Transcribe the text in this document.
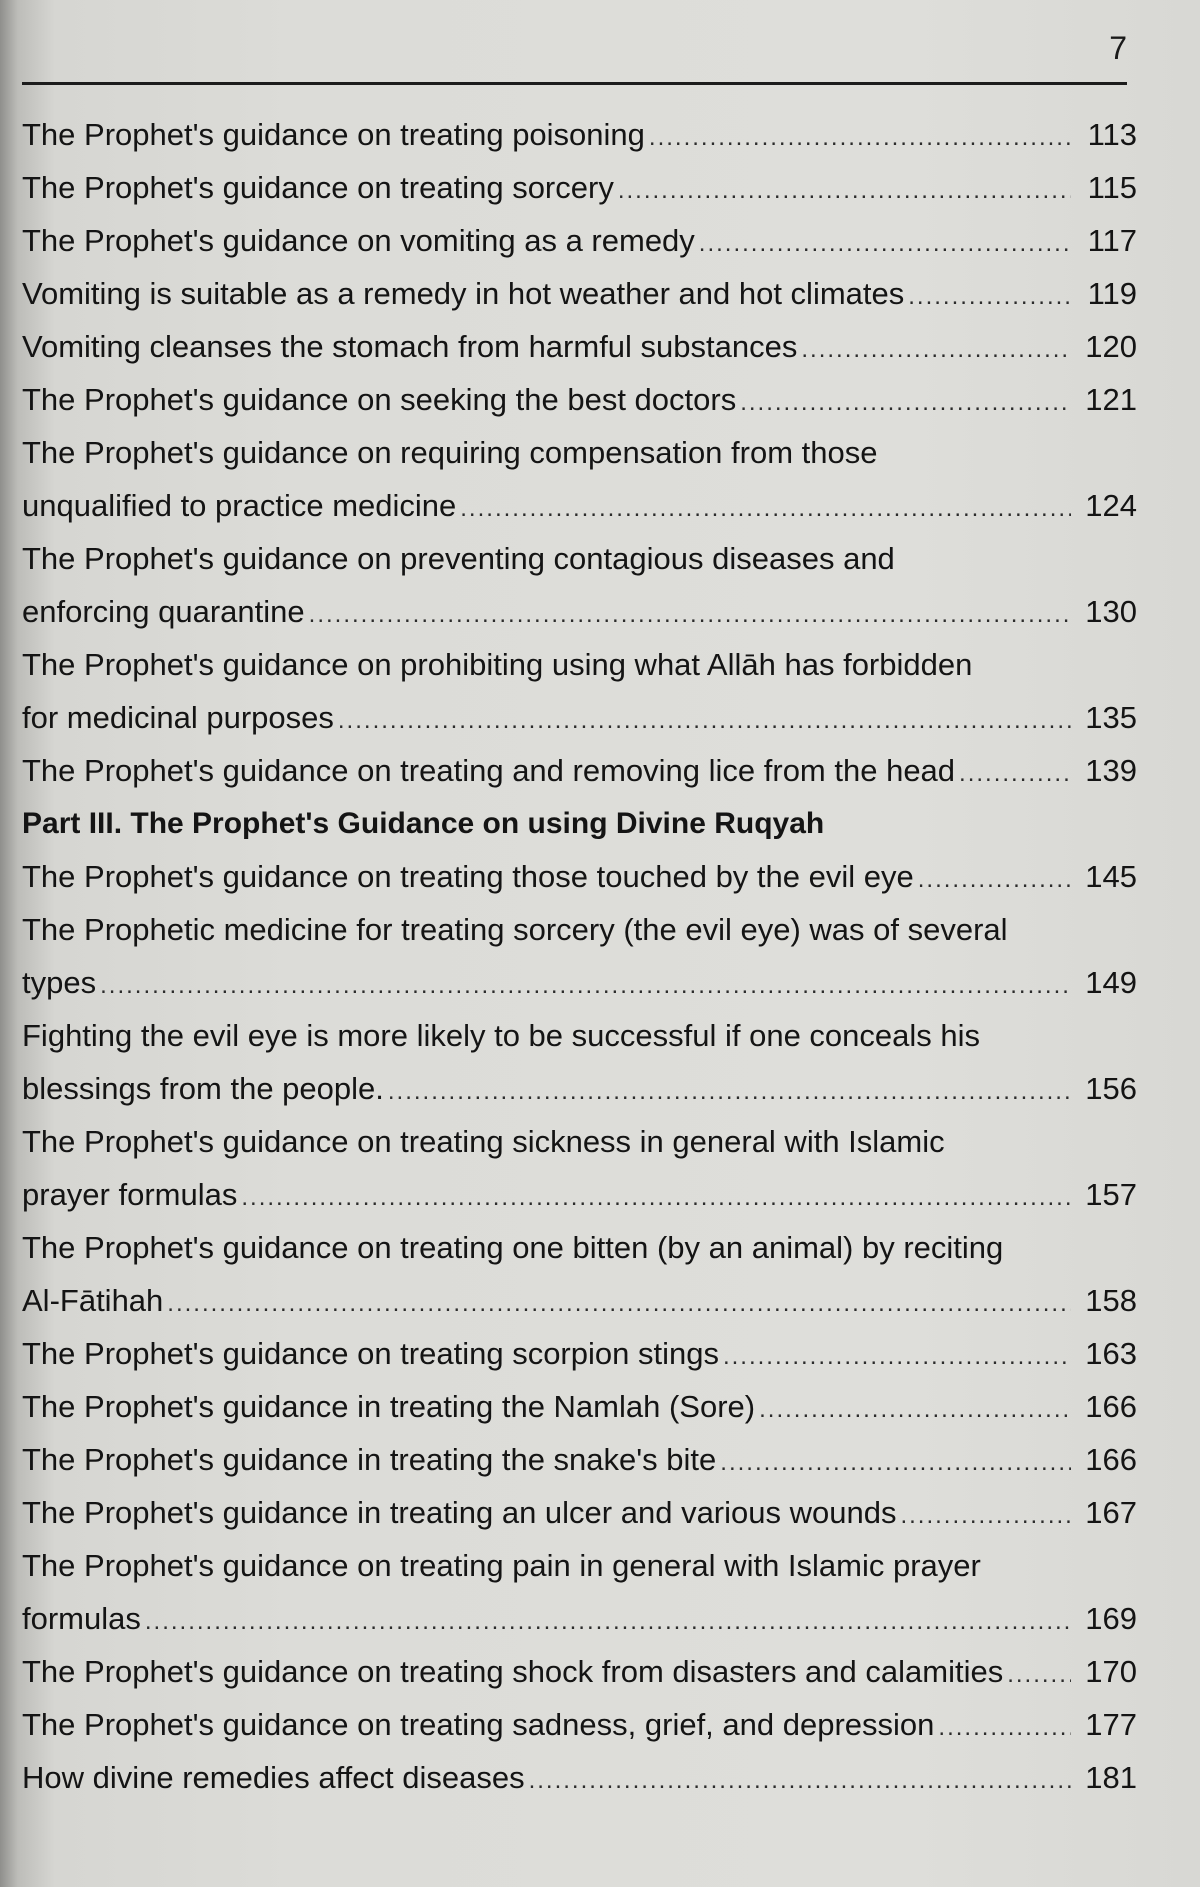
7
The Prophet's guidance on treating poisoning .....	113
The Prophet's guidance on treating sorcery .....	115
The Prophet's guidance on vomiting as a remedy .....	117
Vomiting is suitable as a remedy in hot weather and hot climates .....	119
Vomiting cleanses the stomach from harmful substances .....	120
The Prophet's guidance on seeking the best doctors .....	121
The Prophet's guidance on requiring compensation from those
unqualified to practice medicine .....	124
The Prophet's guidance on preventing contagious diseases and
enforcing quarantine .....	130
The Prophet's guidance on prohibiting using what Allāh has forbidden
for medicinal purposes .....	135
The Prophet's guidance on treating and removing lice from the head .....	139
Part III. The Prophet's Guidance on using Divine Ruqyah
The Prophet's guidance on treating those touched by the evil eye .....	145
The Prophetic medicine for treating sorcery (the evil eye) was of several
types .....	149
Fighting the evil eye is more likely to be successful if one conceals his
blessings from the people. .....	156
The Prophet's guidance on treating sickness in general with Islamic
prayer formulas .....	157
The Prophet's guidance on treating one bitten (by an animal) by reciting
Al-Fātihah .....	158
The Prophet's guidance on treating scorpion stings .....	163
The Prophet's guidance in treating the Namlah (Sore) .....	166
The Prophet's guidance in treating the snake's bite .....	166
The Prophet's guidance in treating an ulcer and various wounds .....	167
The Prophet's guidance on treating pain in general with Islamic prayer
formulas .....	169
The Prophet's guidance on treating shock from disasters and calamities .....	170
The Prophet's guidance on treating sadness, grief, and depression .....	177
How divine remedies affect diseases .....	181
